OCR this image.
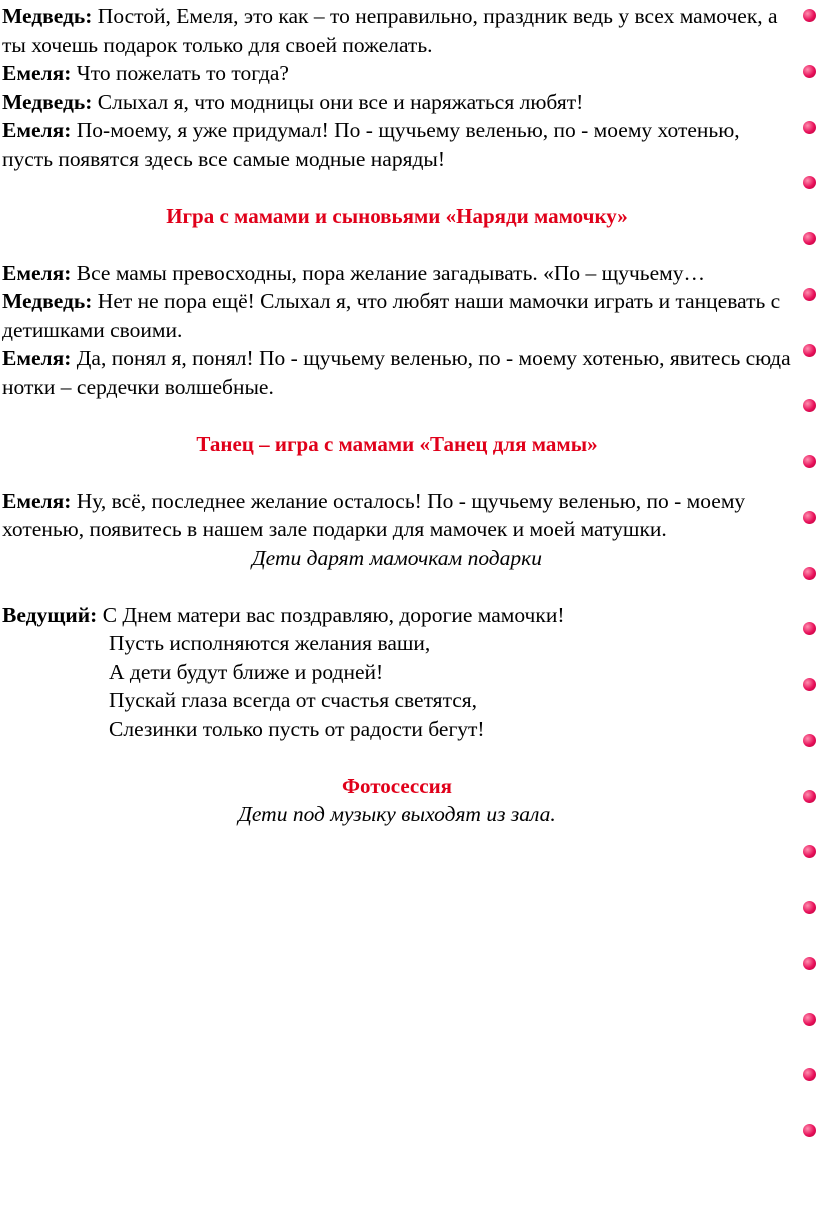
Медведь: Постой, Емеля, это как – то неправильно, праздник ведь у всех мамочек, а ты хочешь подарок только для своей пожелать.

Емеля: Что пожелать то тогда?

Медведь: Слыхал я, что модницы они все и наряжаться любят!

Емеля: По-моему, я уже придумал! По - щучьему веленью, по - моему хотенью, пусть появятся здесь все самые модные наряды!

Игра с мамами и сыновьями «Наряди мамочку»

Емеля: Все мамы превосходны, пора желание загадывать. «По – щучьему…

Медведь: Нет не пора ещё! Слыхал я, что любят наши мамочки играть и танцевать с детишками своими.

Емеля: Да, понял я, понял! По - щучьему веленью, по - моему хотенью, явитесь сюда нотки – сердечки волшебные.

Танец – игра с мамами «Танец для мамы»

Емеля: Ну, всё, последнее желание осталось! По - щучьему веленью, по - моему хотенью, появитесь в нашем зале подарки для мамочек и моей матушки.

Дети дарят мамочкам подарки

Ведущий: С Днем матери вас поздравляю, дорогие мамочки!

Пусть исполняются желания ваши,

А дети будут ближе и родней!

Пускай глаза всегда от счастья светятся,

Слезинки только пусть от радости бегут!

Фотосессия

Дети под музыку выходят из зала.
